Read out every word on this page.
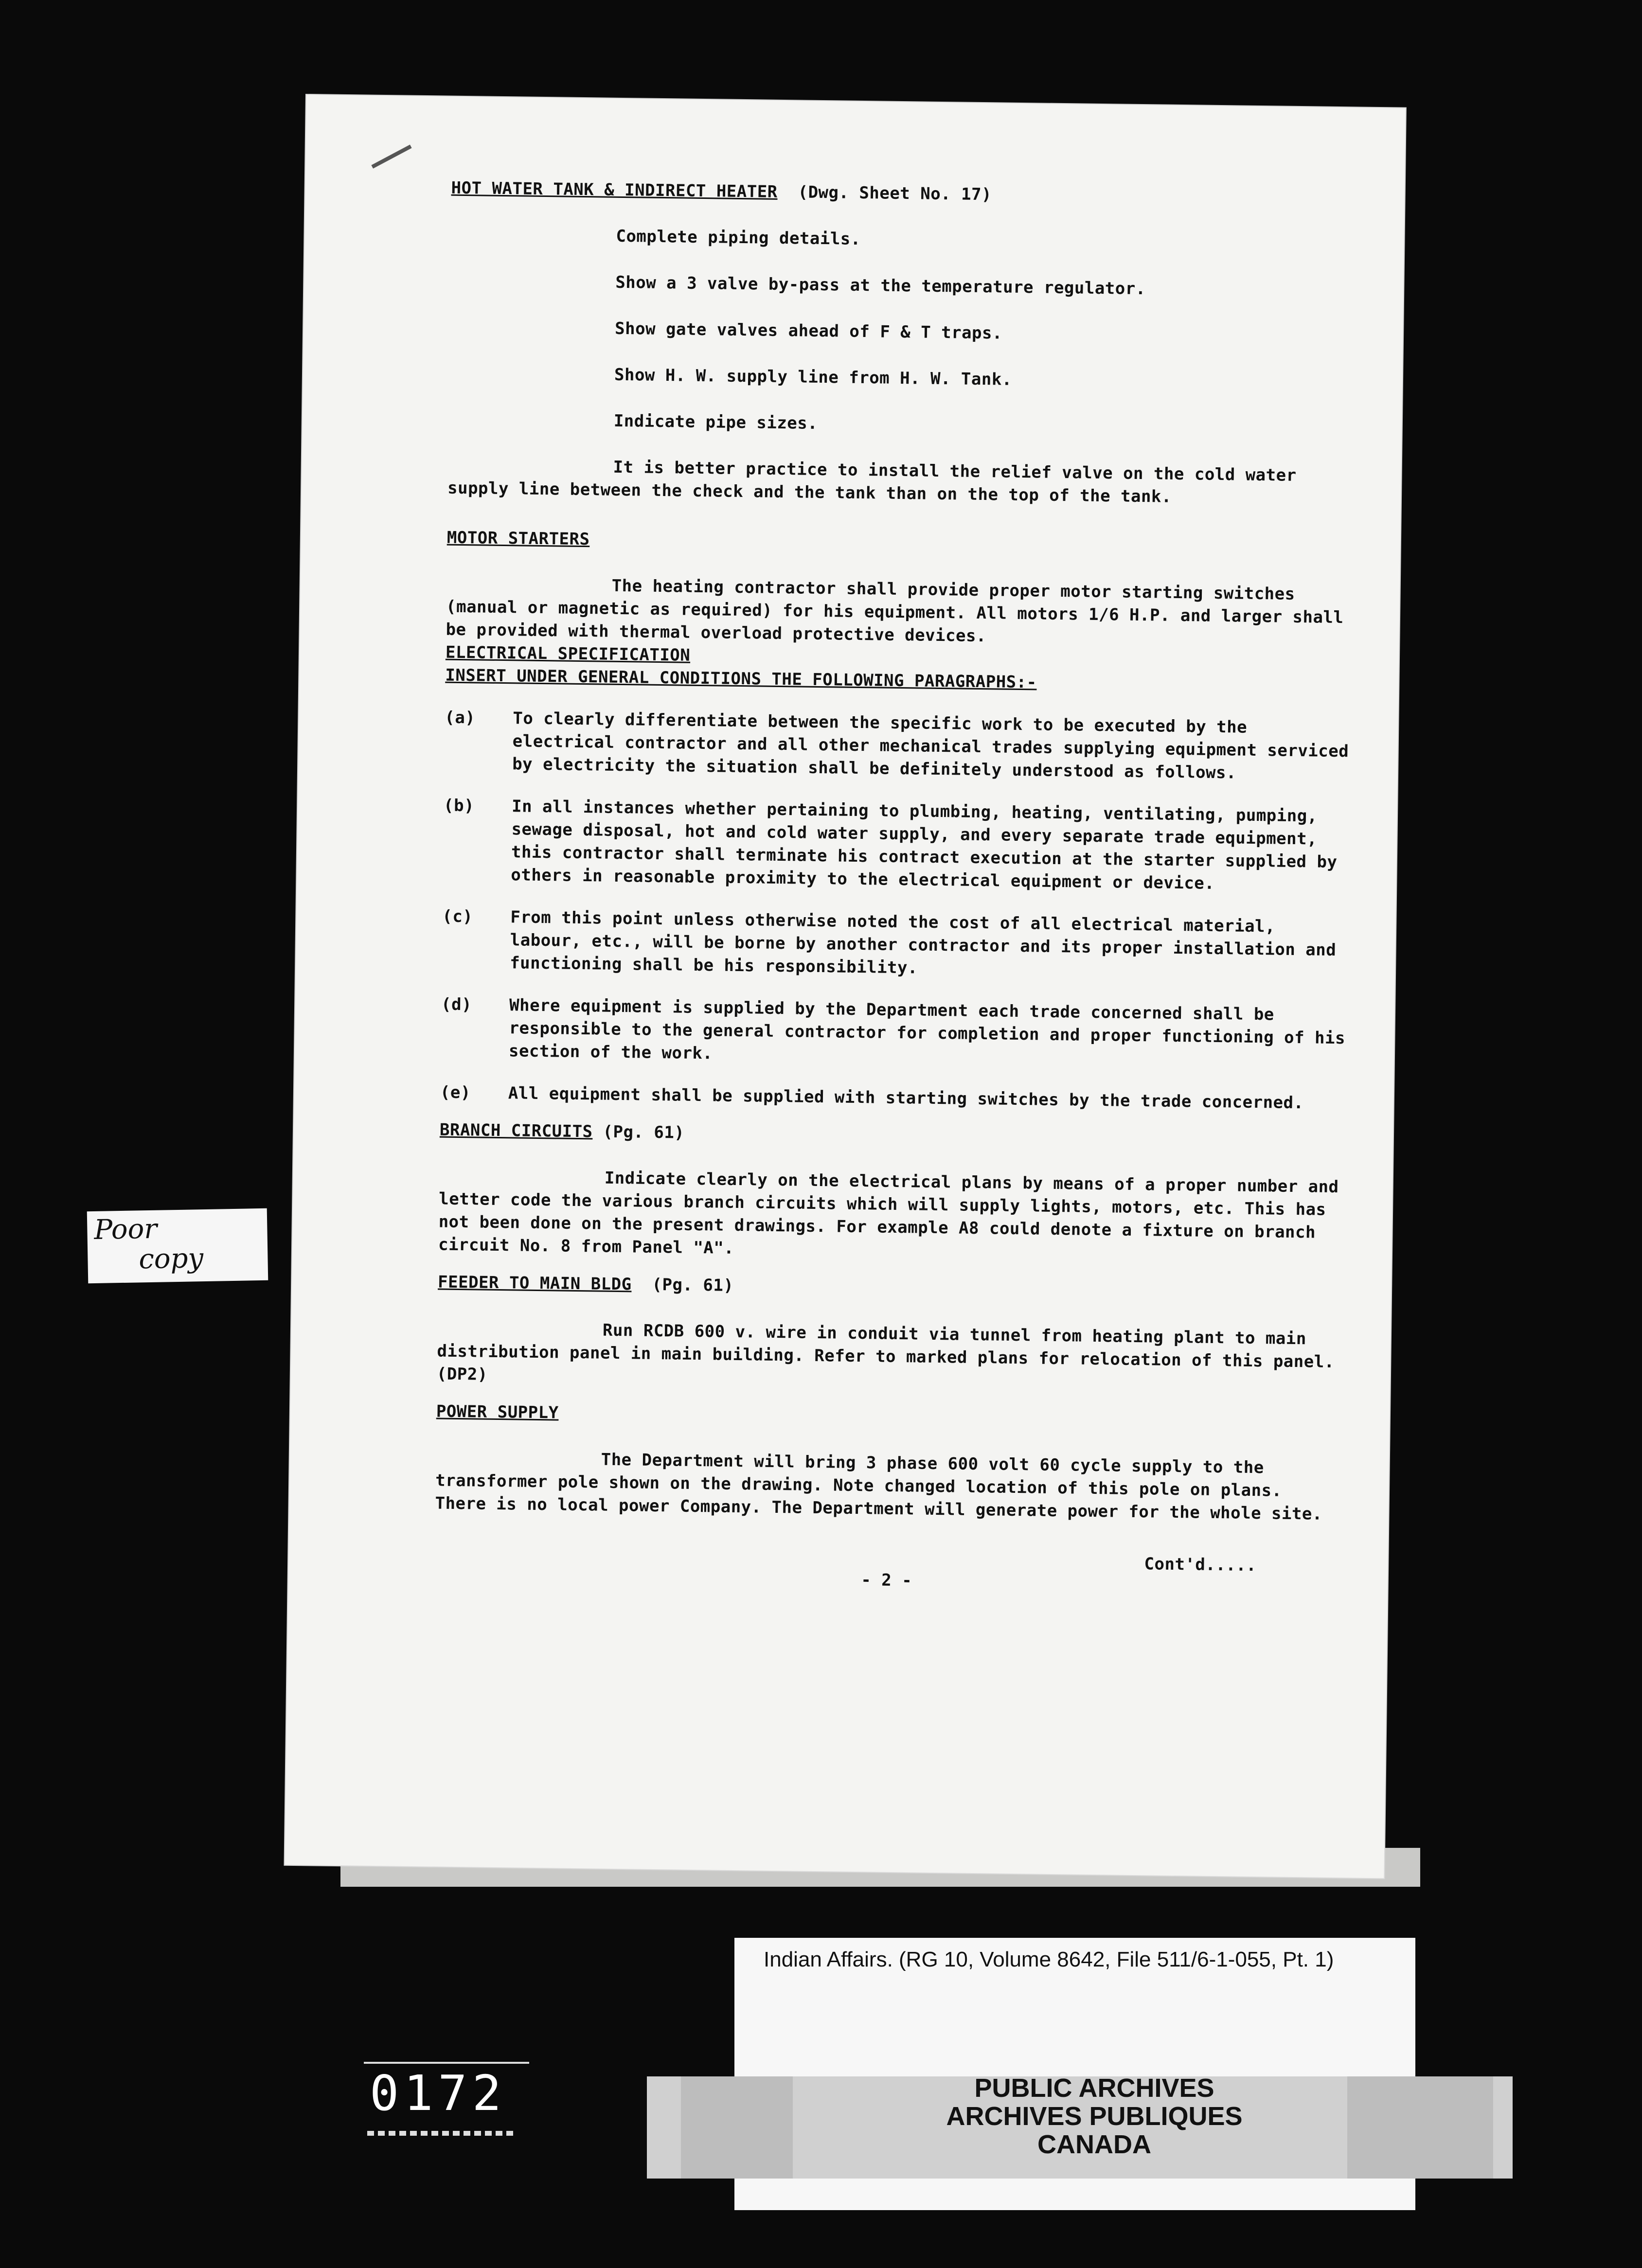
HOT WATER TANK & INDIRECT HEATER (Dwg. Sheet No. 17)

Complete piping details.

Show a 3 valve by-pass at the temperature regulator.

Show gate valves ahead of F & T traps.

Show H. W. supply line from H. W. Tank.

Indicate pipe sizes.

It is better practice to install the relief valve on the cold water supply line between the check and the tank than on the top of the tank.

MOTOR STARTERS

The heating contractor shall provide proper motor starting switches (manual or magnetic as required) for his equipment. All motors 1/6 H.P. and larger shall be provided with thermal overload protective devices.

ELECTRICAL SPECIFICATION

INSERT UNDER GENERAL CONDITIONS THE FOLLOWING PARAGRAPHS:-

(a)	To clearly differentiate between the specific work to be executed by the electrical contractor and all other mechanical trades supplying equipment serviced by electricity the situation shall be definitely understood as follows.
(b)	In all instances whether pertaining to plumbing, heating, ventilating, pumping, sewage disposal, hot and cold water supply, and every separate trade equipment, this contractor shall terminate his contract execution at the starter supplied by others in reasonable proximity to the electrical equipment or device.
(c)	From this point unless otherwise noted the cost of all electrical material, labour, etc., will be borne by another contractor and its proper installation and functioning shall be his responsibility.
(d)	Where equipment is supplied by the Department each trade concerned shall be responsible to the general contractor for completion and proper functioning of his section of the work.
(e)	All equipment shall be supplied with starting switches by the trade concerned.

BRANCH CIRCUITS (Pg. 61)

Indicate clearly on the electrical plans by means of a proper number and letter code the various branch circuits which will supply lights, motors, etc. This has not been done on the present drawings. For example A8 could denote a fixture on branch circuit No. 8 from Panel "A".

FEEDER TO MAIN BLDG (Pg. 61)

Run RCDB 600 v. wire in conduit via tunnel from heating plant to main distribution panel in main building. Refer to marked plans for relocation of this panel. (DP2)

POWER SUPPLY

The Department will bring 3 phase 600 volt 60 cycle supply to the transformer pole shown on the drawing. Note changed location of this pole on plans. There is no local power Company. The Department will generate power for the whole site.

Cont'd.....
- 2 -
Poor
copy
Indian Affairs. (RG 10, Volume 8642, File 511/6-1-055, Pt. 1)
PUBLIC ARCHIVES
ARCHIVES PUBLIQUES
CANADA
0172
